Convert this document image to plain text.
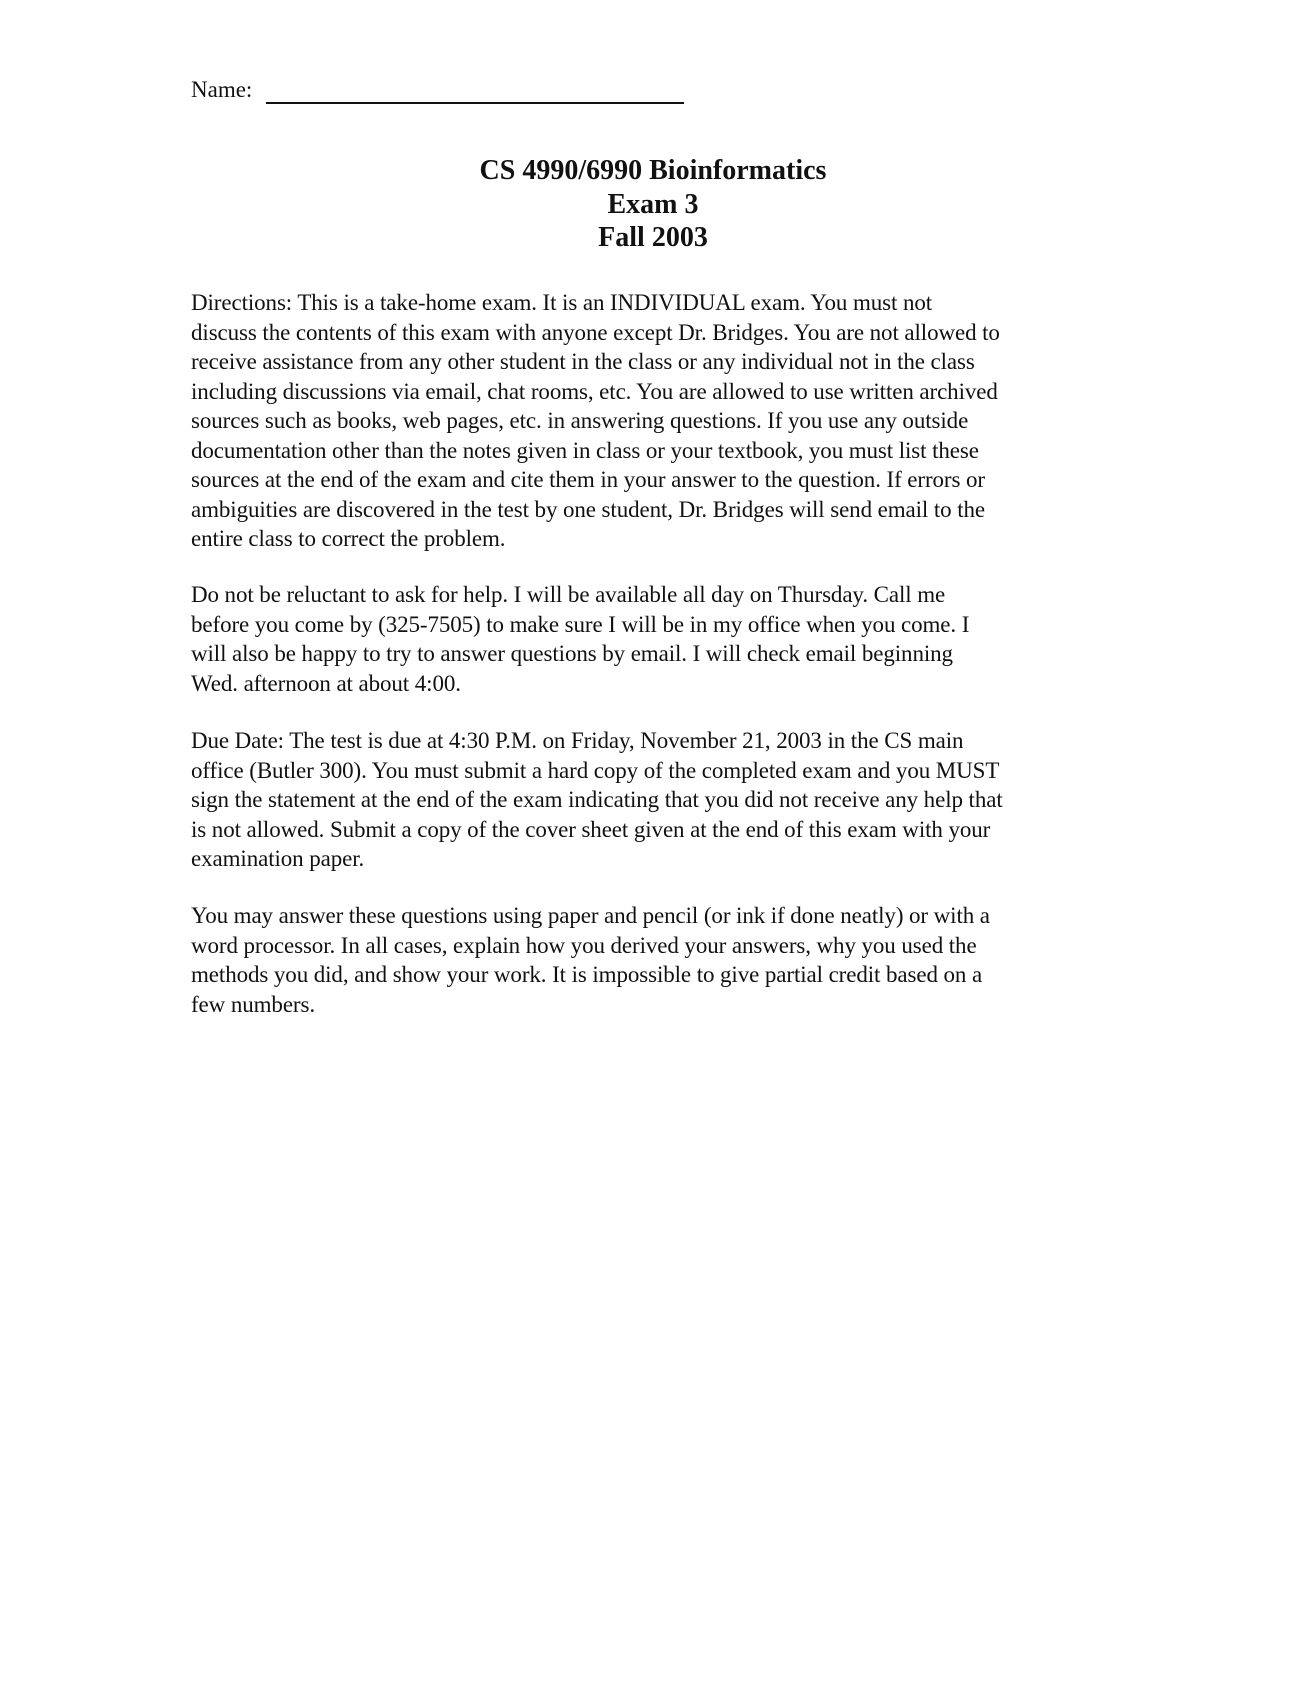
Name:
CS 4990/6990 Bioinformatics
Exam 3
Fall 2003
Directions: This is a take-home exam. It is an INDIVIDUAL exam. You must not
discuss the contents of this exam with anyone except Dr. Bridges. You are not allowed to
receive assistance from any other student in the class or any individual not in the class
including discussions via email, chat rooms, etc. You are allowed to use written archived
sources such as books, web pages, etc. in answering questions. If you use any outside
documentation other than the notes given in class or your textbook, you must list these
sources at the end of the exam and cite them in your answer to the question. If errors or
ambiguities are discovered in the test by one student, Dr. Bridges will send email to the
entire class to correct the problem.
Do not be reluctant to ask for help. I will be available all day on Thursday. Call me
before you come by (325-7505) to make sure I will be in my office when you come. I
will also be happy to try to answer questions by email. I will check email beginning
Wed. afternoon at about 4:00.
Due Date: The test is due at 4:30 P.M. on Friday, November 21, 2003 in the CS main
office (Butler 300). You must submit a hard copy of the completed exam and you MUST
sign the statement at the end of the exam indicating that you did not receive any help that
is not allowed. Submit a copy of the cover sheet given at the end of this exam with your
examination paper.
You may answer these questions using paper and pencil (or ink if done neatly) or with a
word processor. In all cases, explain how you derived your answers, why you used the
methods you did, and show your work. It is impossible to give partial credit based on a
few numbers.
